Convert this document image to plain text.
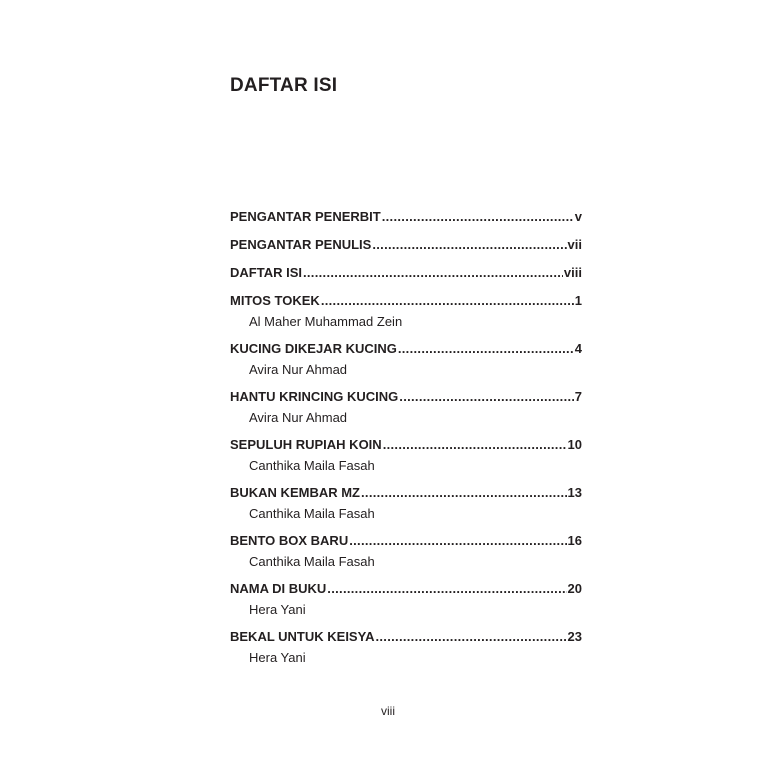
DAFTAR ISI
PENGANTAR PENERBIT .....	v
PENGANTAR PENULIS .....	vii
DAFTAR ISI .....	viii
MITOS TOKEK .....	1
Al Maher Muhammad Zein
KUCING DIKEJAR KUCING .....	4
Avira Nur Ahmad
HANTU KRINCING KUCING .....	7
Avira Nur Ahmad
SEPULUH RUPIAH KOIN .....	10
Canthika Maila Fasah
BUKAN KEMBAR MZ .....	13
Canthika Maila Fasah
BENTO BOX BARU .....	16
Canthika Maila Fasah
NAMA DI BUKU .....	20
Hera Yani
BEKAL UNTUK KEISYA .....	23
Hera Yani
viii
